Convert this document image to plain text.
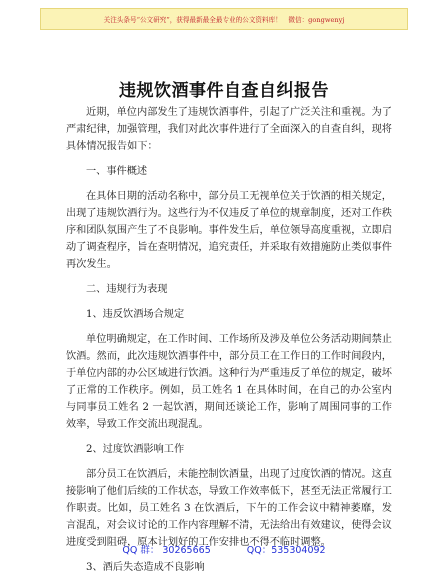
关注头条号“公文研究”，获得最新最全最专业的公文资料库！　微信：gongwenyj
违规饮酒事件自查自纠报告

近期，单位内部发生了违规饮酒事件，引起了广泛关注和重视。为了严肃纪律，加强管理，我们对此次事件进行了全面深入的自查自纠，现将具体情况报告如下：

一、事件概述

在具体日期的活动名称中，部分员工无视单位关于饮酒的相关规定，出现了违规饮酒行为。这些行为不仅违反了单位的规章制度，还对工作秩序和团队氛围产生了不良影响。事件发生后，单位领导高度重视，立即启动了调查程序，旨在查明情况，追究责任，并采取有效措施防止类似事件再次发生。

二、违规行为表现

1、违反饮酒场合规定

单位明确规定，在工作时间、工作场所及涉及单位公务活动期间禁止饮酒。然而，此次违规饮酒事件中，部分员工在工作日的工作时间段内，于单位内部的办公区域进行饮酒。这种行为严重违反了单位的规定，破坏了正常的工作秩序。例如，员工姓名 1 在具体时间，在自己的办公室内与同事员工姓名 2 一起饮酒，期间还谈论工作，影响了周围同事的工作效率，导致工作交流出现混乱。

2、过度饮酒影响工作

部分员工在饮酒后，未能控制饮酒量，出现了过度饮酒的情况。这直接影响了他们后续的工作状态，导致工作效率低下，甚至无法正常履行工作职责。比如，员工姓名 3 在饮酒后，下午的工作会议中精神萎靡，发言混乱，对会议讨论的工作内容理解不清，无法给出有效建议，使得会议进度受到阻碍，原本计划好的工作安排也不得不临时调整。

3、酒后失态造成不良影响

QQ 群： 30265665	QQ：535304092
